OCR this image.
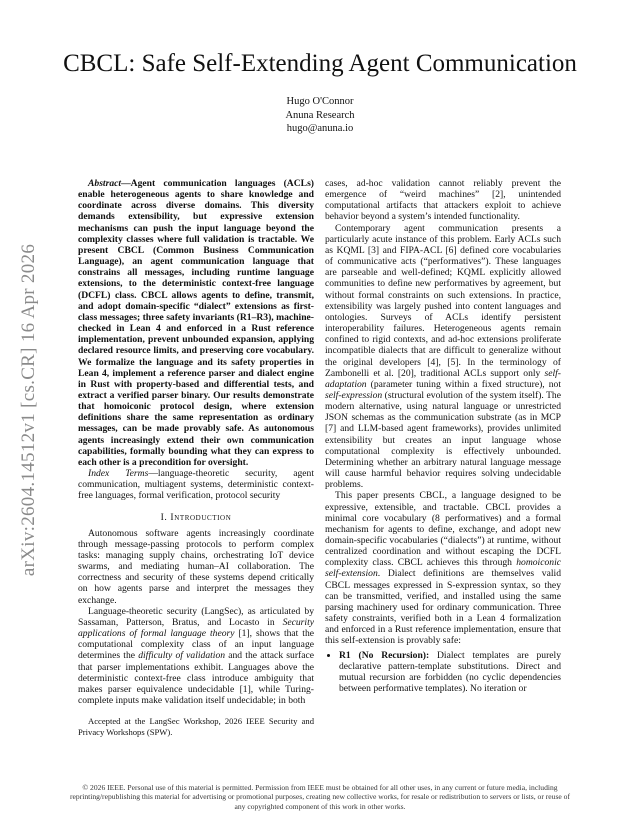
arXiv:2604.14512v1 [cs.CR] 16 Apr 2026
CBCL: Safe Self-Extending Agent Communication
Hugo O'Connor
Anuna Research
hugo@anuna.io

Abstract—Agent communication languages (ACLs) enable heterogeneous agents to share knowledge and coordinate across diverse domains. This diversity demands extensibility, but expressive extension mechanisms can push the input language beyond the complexity classes where full validation is tractable. We present CBCL (Common Business Communication Language), an agent communication language that constrains all messages, including runtime language extensions, to the deterministic context-free language (DCFL) class. CBCL allows agents to define, transmit, and adopt domain-specific “dialect” extensions as first-class messages; three safety invariants (R1–R3), machine-checked in Lean 4 and enforced in a Rust reference implementation, prevent unbounded expansion, applying declared resource limits, and preserving core vocabulary. We formalize the language and its safety properties in Lean 4, implement a reference parser and dialect engine in Rust with property-based and differential tests, and extract a verified parser binary. Our results demonstrate that homoiconic protocol design, where extension definitions share the same representation as ordinary messages, can be made provably safe. As autonomous agents increasingly extend their own communication capabilities, formally bounding what they can express to each other is a precondition for oversight.

Index Terms—language-theoretic security, agent communication, multiagent systems, deterministic context-free languages, formal verification, protocol security

I. Introduction

Autonomous software agents increasingly coordinate through message-passing protocols to perform complex tasks: managing supply chains, orchestrating IoT device swarms, and mediating human–AI collaboration. The correctness and security of these systems depend critically on how agents parse and interpret the messages they exchange.

Language-theoretic security (LangSec), as articulated by Sassaman, Patterson, Bratus, and Locasto in Security applications of formal language theory [1], shows that the computational complexity class of an input language determines the difficulty of validation and the attack surface that parser implementations exhibit. Languages above the deterministic context-free class introduce ambiguity that makes parser equivalence undecidable [1], while Turing-complete inputs make validation itself undecidable; in both

Accepted at the LangSec Workshop, 2026 IEEE Security and Privacy Workshops (SPW).

cases, ad-hoc validation cannot reliably prevent the emergence of “weird machines” [2], unintended computational artifacts that attackers exploit to achieve behavior beyond a system’s intended functionality.

Contemporary agent communication presents a particularly acute instance of this problem. Early ACLs such as KQML [3] and FIPA-ACL [6] defined core vocabularies of communicative acts (“performatives”). These languages are parseable and well-defined; KQML explicitly allowed communities to define new performatives by agreement, but without formal constraints on such extensions. In practice, extensibility was largely pushed into content languages and ontologies. Surveys of ACLs identify persistent interoperability failures. Heterogeneous agents remain confined to rigid contexts, and ad-hoc extensions proliferate incompatible dialects that are difficult to generalize without the original developers [4], [5]. In the terminology of Zambonelli et al. [20], traditional ACLs support only self-adaptation (parameter tuning within a fixed structure), not self-expression (structural evolution of the system itself). The modern alternative, using natural language or unrestricted JSON schemas as the communication substrate (as in MCP [7] and LLM-based agent frameworks), provides unlimited extensibility but creates an input language whose computational complexity is effectively unbounded. Determining whether an arbitrary natural language message will cause harmful behavior requires solving undecidable problems.

This paper presents CBCL, a language designed to be expressive, extensible, and tractable. CBCL provides a minimal core vocabulary (8 performatives) and a formal mechanism for agents to define, exchange, and adopt new domain-specific vocabularies (“dialects”) at runtime, without centralized coordination and without escaping the DCFL complexity class. CBCL achieves this through homoiconic self-extension. Dialect definitions are themselves valid CBCL messages expressed in S-expression syntax, so they can be transmitted, verified, and installed using the same parsing machinery used for ordinary communication. Three safety constraints, verified both in a Lean 4 formalization and enforced in a Rust reference implementation, ensure that this self-extension is provably safe:

• R1 (No Recursion): Dialect templates are purely declarative pattern-template substitutions. Direct and mutual recursion are forbidden (no cyclic dependencies between performative templates). No iteration or
© 2026 IEEE. Personal use of this material is permitted. Permission from IEEE must be obtained for all other uses, in any current or future media, including reprinting/republishing this material for advertising or promotional purposes, creating new collective works, for resale or redistribution to servers or lists, or reuse of any copyrighted component of this work in other works.
